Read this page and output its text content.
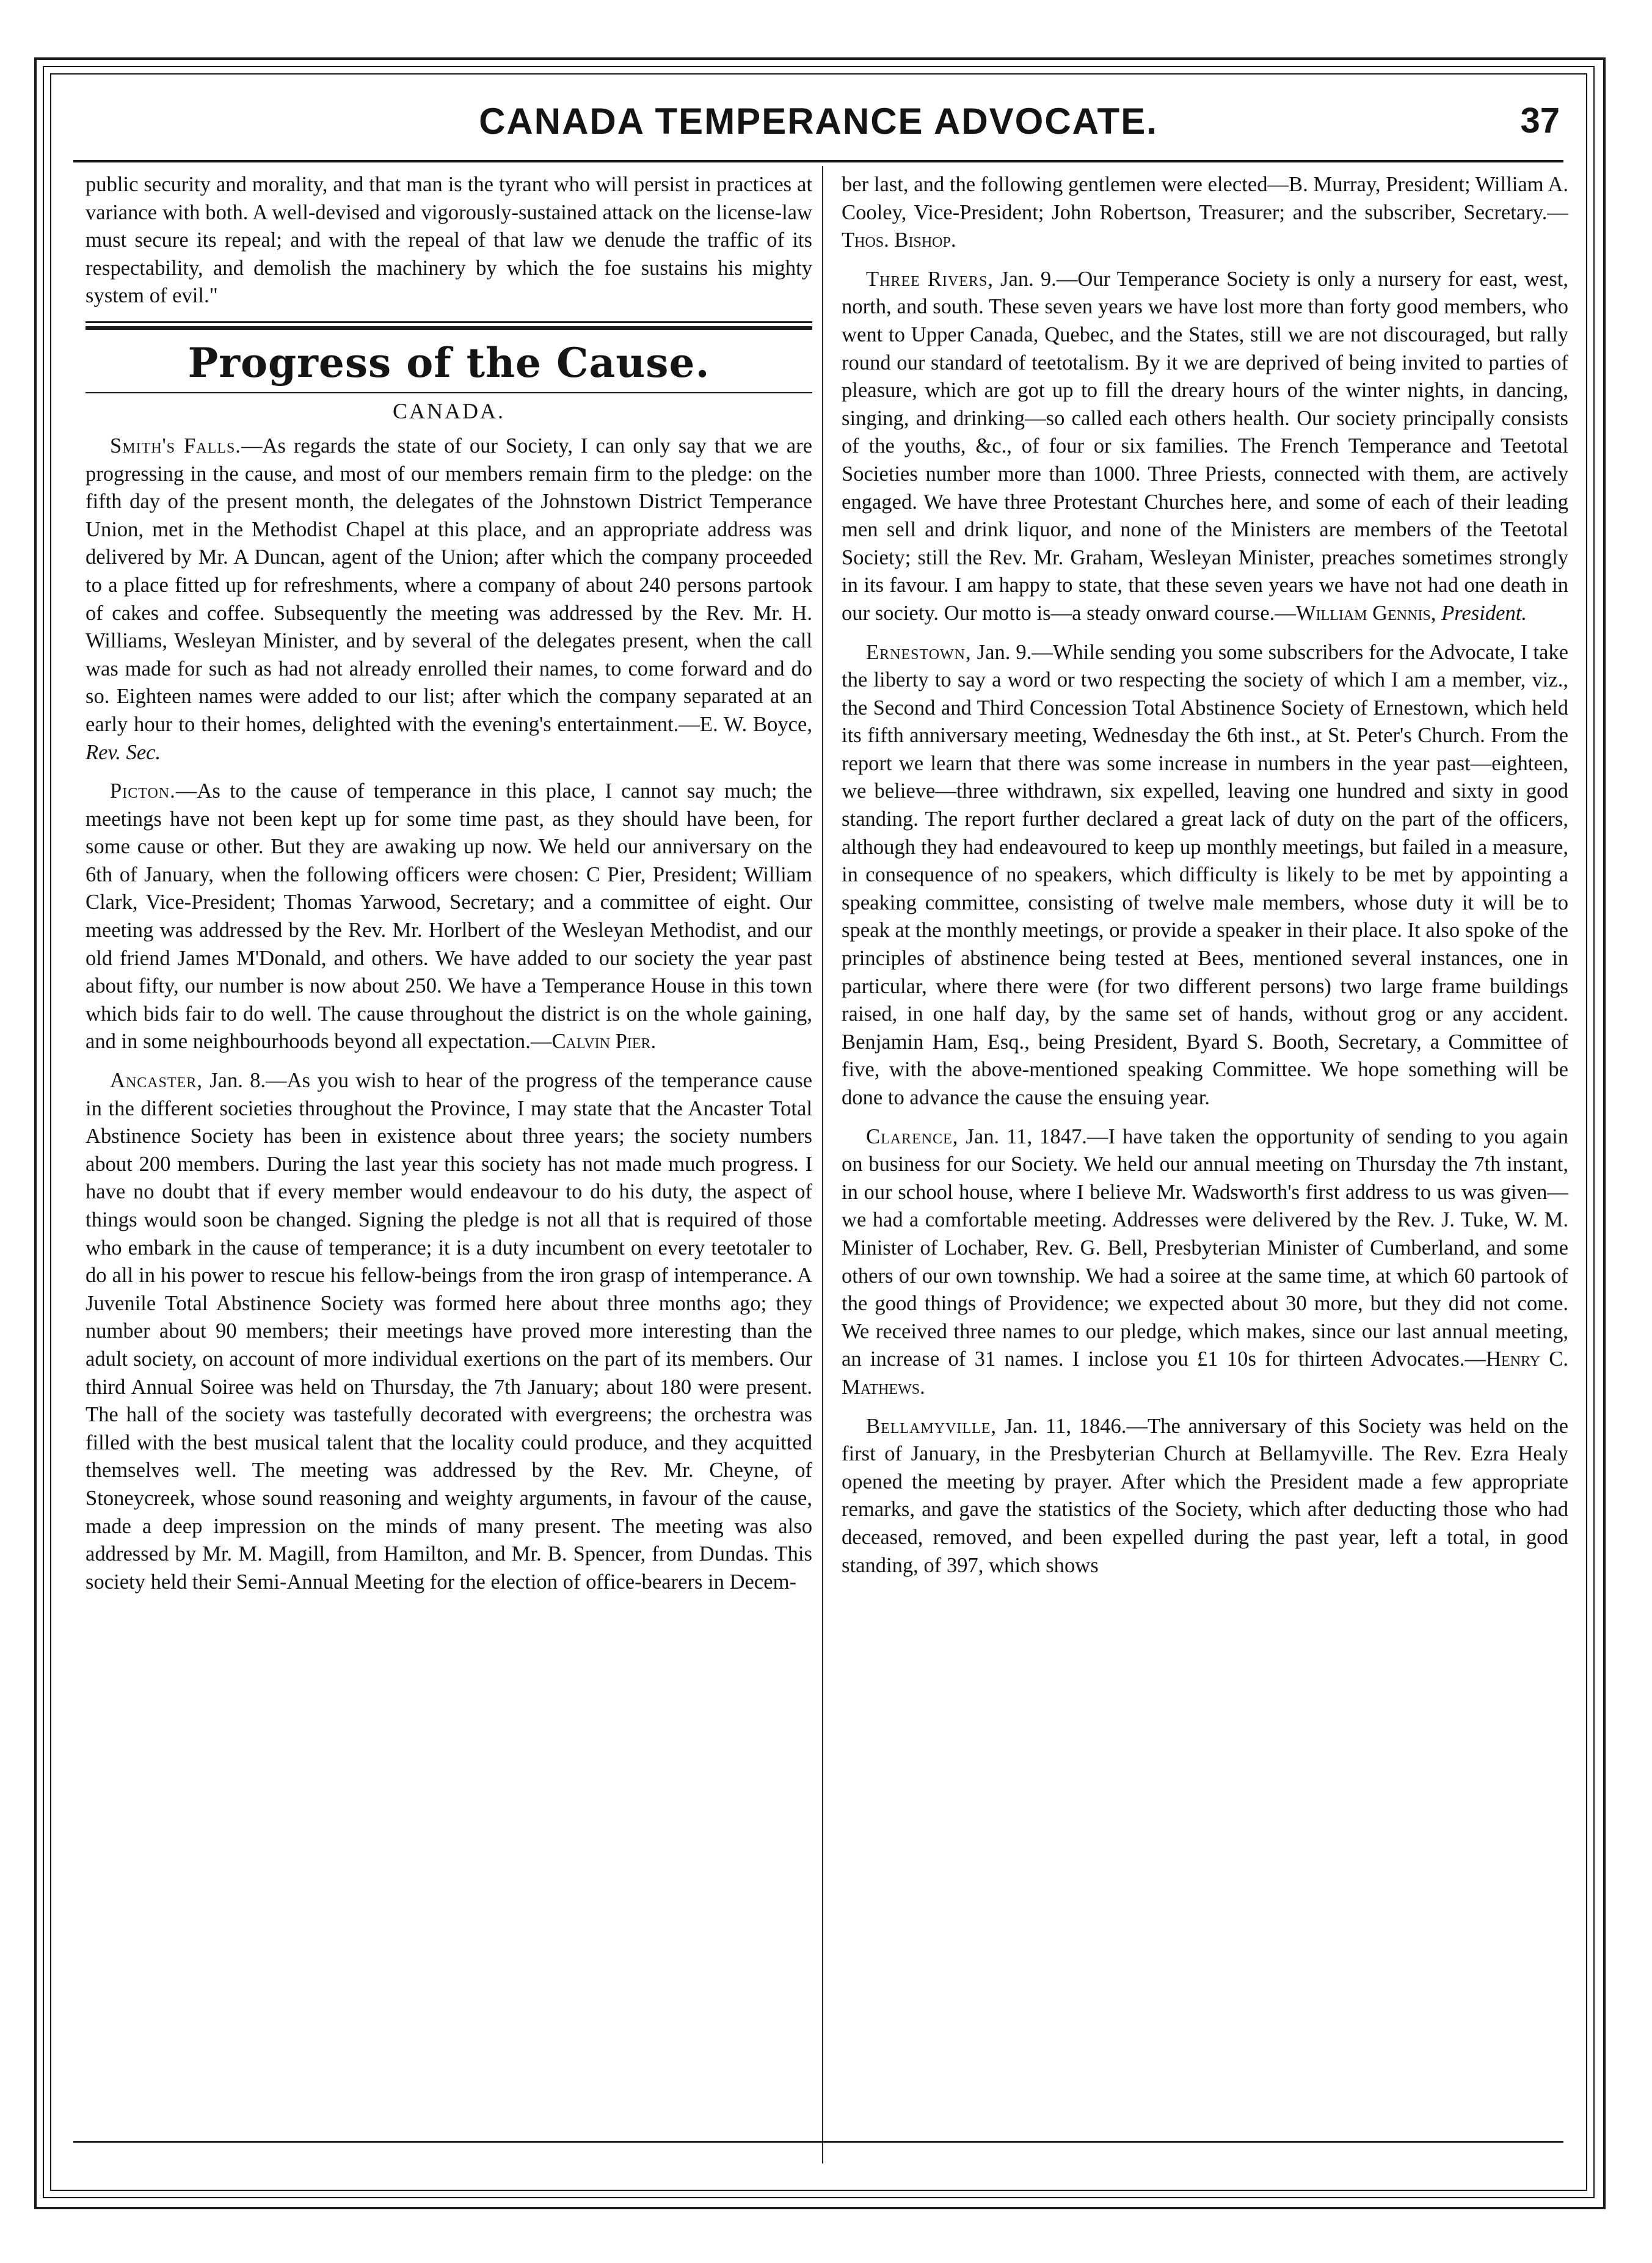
CANADA TEMPERANCE ADVOCATE.	37

public security and morality, and that man is the tyrant who will persist in practices at variance with both. A well-devised and vigorously-sustained attack on the license-law must secure its repeal; and with the repeal of that law we denude the traffic of its respectability, and demolish the machinery by which the foe sustains his mighty system of evil."

Progress of the Cause.
CANADA.

Smith's Falls.—As regards the state of our Society, I can only say that we are progressing in the cause, and most of our members remain firm to the pledge: on the fifth day of the present month, the delegates of the Johnstown District Temperance Union, met in the Methodist Chapel at this place, and an appropriate address was delivered by Mr. A Duncan, agent of the Union; after which the company proceeded to a place fitted up for refreshments, where a company of about 240 persons partook of cakes and coffee. Subsequently the meeting was addressed by the Rev. Mr. H. Williams, Wesleyan Minister, and by several of the delegates present, when the call was made for such as had not already enrolled their names, to come forward and do so. Eighteen names were added to our list; after which the company separated at an early hour to their homes, delighted with the evening's entertainment.—E. W. Boyce, Rev. Sec.

Picton.—As to the cause of temperance in this place, I cannot say much; the meetings have not been kept up for some time past, as they should have been, for some cause or other. But they are awaking up now. We held our anniversary on the 6th of January, when the following officers were chosen: C Pier, President; William Clark, Vice-President; Thomas Yarwood, Secretary; and a committee of eight. Our meeting was addressed by the Rev. Mr. Horlbert of the Wesleyan Methodist, and our old friend James M'Donald, and others. We have added to our society the year past about fifty, our number is now about 250. We have a Temperance House in this town which bids fair to do well. The cause throughout the district is on the whole gaining, and in some neighbourhoods beyond all expectation.—Calvin Pier.

Ancaster, Jan. 8.—As you wish to hear of the progress of the temperance cause in the different societies throughout the Province, I may state that the Ancaster Total Abstinence Society has been in existence about three years; the society numbers about 200 members. During the last year this society has not made much progress. I have no doubt that if every member would endeavour to do his duty, the aspect of things would soon be changed. Signing the pledge is not all that is required of those who embark in the cause of temperance; it is a duty incumbent on every teetotaler to do all in his power to rescue his fellow-beings from the iron grasp of intemperance. A Juvenile Total Abstinence Society was formed here about three months ago; they number about 90 members; their meetings have proved more interesting than the adult society, on account of more individual exertions on the part of its members. Our third Annual Soiree was held on Thursday, the 7th January; about 180 were present. The hall of the society was tastefully decorated with evergreens; the orchestra was filled with the best musical talent that the locality could produce, and they acquitted themselves well. The meeting was addressed by the Rev. Mr. Cheyne, of Stoneycreek, whose sound reasoning and weighty arguments, in favour of the cause, made a deep impression on the minds of many present. The meeting was also addressed by Mr. M. Magill, from Hamilton, and Mr. B. Spencer, from Dundas. This society held their Semi-Annual Meeting for the election of office-bearers in Decem-

ber last, and the following gentlemen were elected—B. Murray, President; William A. Cooley, Vice-President; John Robertson, Treasurer; and the subscriber, Secretary.—Thos. Bishop.

Three Rivers, Jan. 9.—Our Temperance Society is only a nursery for east, west, north, and south. These seven years we have lost more than forty good members, who went to Upper Canada, Quebec, and the States, still we are not discouraged, but rally round our standard of teetotalism. By it we are deprived of being invited to parties of pleasure, which are got up to fill the dreary hours of the winter nights, in dancing, singing, and drinking—so called each others health. Our society principally consists of the youths, &c., of four or six families. The French Temperance and Teetotal Societies number more than 1000. Three Priests, connected with them, are actively engaged. We have three Protestant Churches here, and some of each of their leading men sell and drink liquor, and none of the Ministers are members of the Teetotal Society; still the Rev. Mr. Graham, Wesleyan Minister, preaches sometimes strongly in its favour. I am happy to state, that these seven years we have not had one death in our society. Our motto is—a steady onward course.—William Gennis, President.

Ernestown, Jan. 9.—While sending you some subscribers for the Advocate, I take the liberty to say a word or two respecting the society of which I am a member, viz., the Second and Third Concession Total Abstinence Society of Ernestown, which held its fifth anniversary meeting, Wednesday the 6th inst., at St. Peter's Church. From the report we learn that there was some increase in numbers in the year past—eighteen, we believe—three withdrawn, six expelled, leaving one hundred and sixty in good standing. The report further declared a great lack of duty on the part of the officers, although they had endeavoured to keep up monthly meetings, but failed in a measure, in consequence of no speakers, which difficulty is likely to be met by appointing a speaking committee, consisting of twelve male members, whose duty it will be to speak at the monthly meetings, or provide a speaker in their place. It also spoke of the principles of abstinence being tested at Bees, mentioned several instances, one in particular, where there were (for two different persons) two large frame buildings raised, in one half day, by the same set of hands, without grog or any accident. Benjamin Ham, Esq., being President, Byard S. Booth, Secretary, a Committee of five, with the above-mentioned speaking Committee. We hope something will be done to advance the cause the ensuing year.

Clarence, Jan. 11, 1847.—I have taken the opportunity of sending to you again on business for our Society. We held our annual meeting on Thursday the 7th instant, in our school house, where I believe Mr. Wadsworth's first address to us was given—we had a comfortable meeting. Addresses were delivered by the Rev. J. Tuke, W. M. Minister of Lochaber, Rev. G. Bell, Presbyterian Minister of Cumberland, and some others of our own township. We had a soiree at the same time, at which 60 partook of the good things of Providence; we expected about 30 more, but they did not come. We received three names to our pledge, which makes, since our last annual meeting, an increase of 31 names. I inclose you £1 10s for thirteen Advocates.—Henry C. Mathews.

Bellamyville, Jan. 11, 1846.—The anniversary of this Society was held on the first of January, in the Presbyterian Church at Bellamyville. The Rev. Ezra Healy opened the meeting by prayer. After which the President made a few appropriate remarks, and gave the statistics of the Society, which after deducting those who had deceased, removed, and been expelled during the past year, left a total, in good standing, of 397, which shows
